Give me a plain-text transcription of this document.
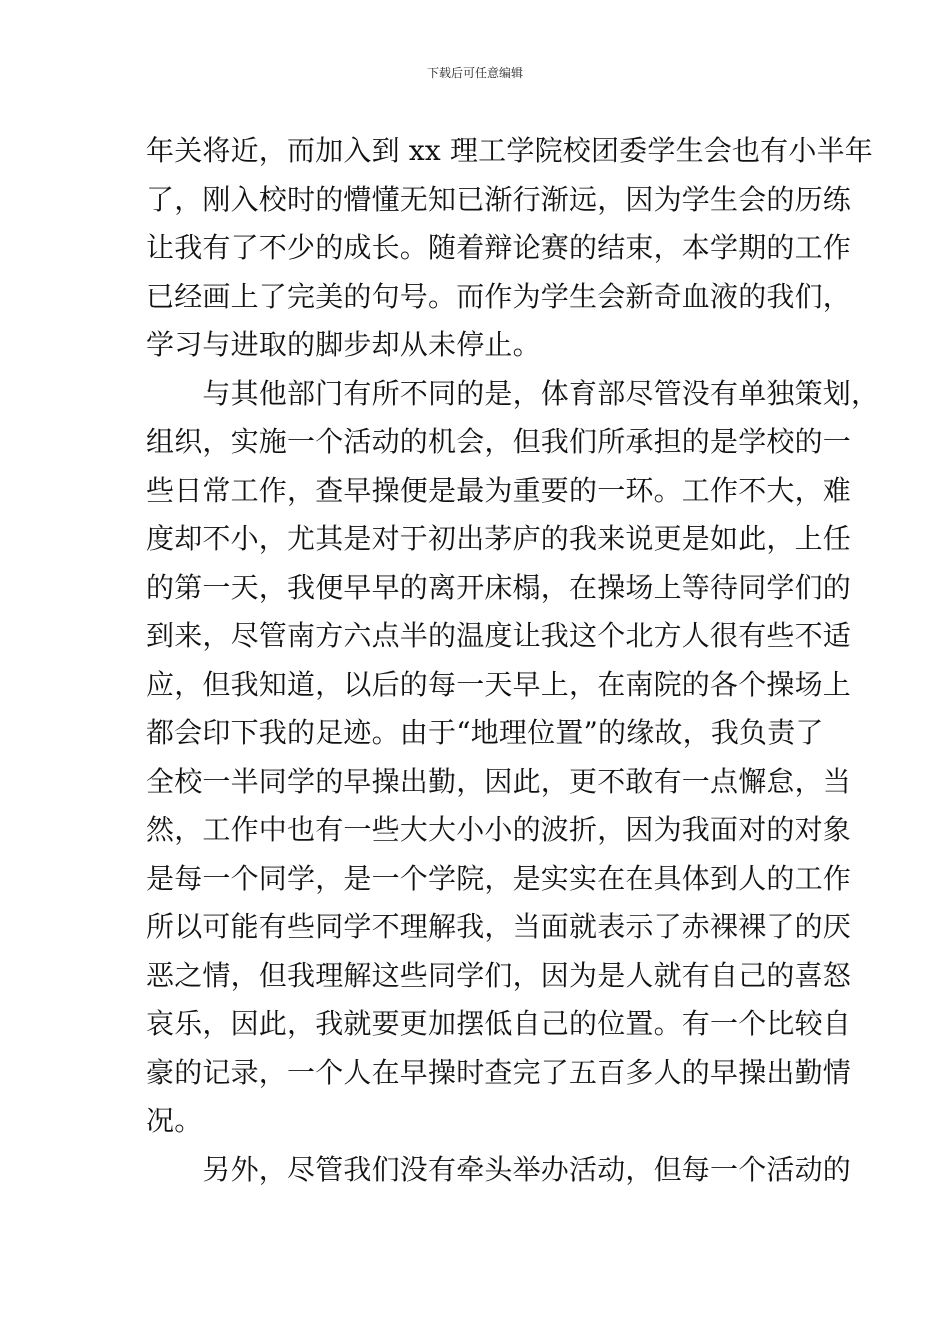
下载后可任意编辑
年关将近，而加入到 xx 理工学院校团委学生会也有小半年
了，刚入校时的懵懂无知已渐行渐远，因为学生会的历练
让我有了不少的成长。随着辩论赛的结束，本学期的工作
已经画上了完美的句号。而作为学生会新奇血液的我们，
学习与进取的脚步却从未停止。
　　与其他部门有所不同的是，体育部尽管没有单独策划，
组织，实施一个活动的机会，但我们所承担的是学校的一
些日常工作，查早操便是最为重要的一环。工作不大，难
度却不小，尤其是对于初出茅庐的我来说更是如此，上任
的第一天，我便早早的离开床榻，在操场上等待同学们的
到来，尽管南方六点半的温度让我这个北方人很有些不适
应，但我知道，以后的每一天早上，在南院的各个操场上
都会印下我的足迹。由于“地理位置”的缘故，我负责了
全校一半同学的早操出勤，因此，更不敢有一点懈怠，当
然，工作中也有一些大大小小的波折，因为我面对的对象
是每一个同学，是一个学院，是实实在在具体到人的工作
所以可能有些同学不理解我，当面就表示了赤裸裸了的厌
恶之情，但我理解这些同学们，因为是人就有自己的喜怒
哀乐，因此，我就要更加摆低自己的位置。有一个比较自
豪的记录，一个人在早操时查完了五百多人的早操出勤情
况。
　　另外，尽管我们没有牵头举办活动，但每一个活动的
